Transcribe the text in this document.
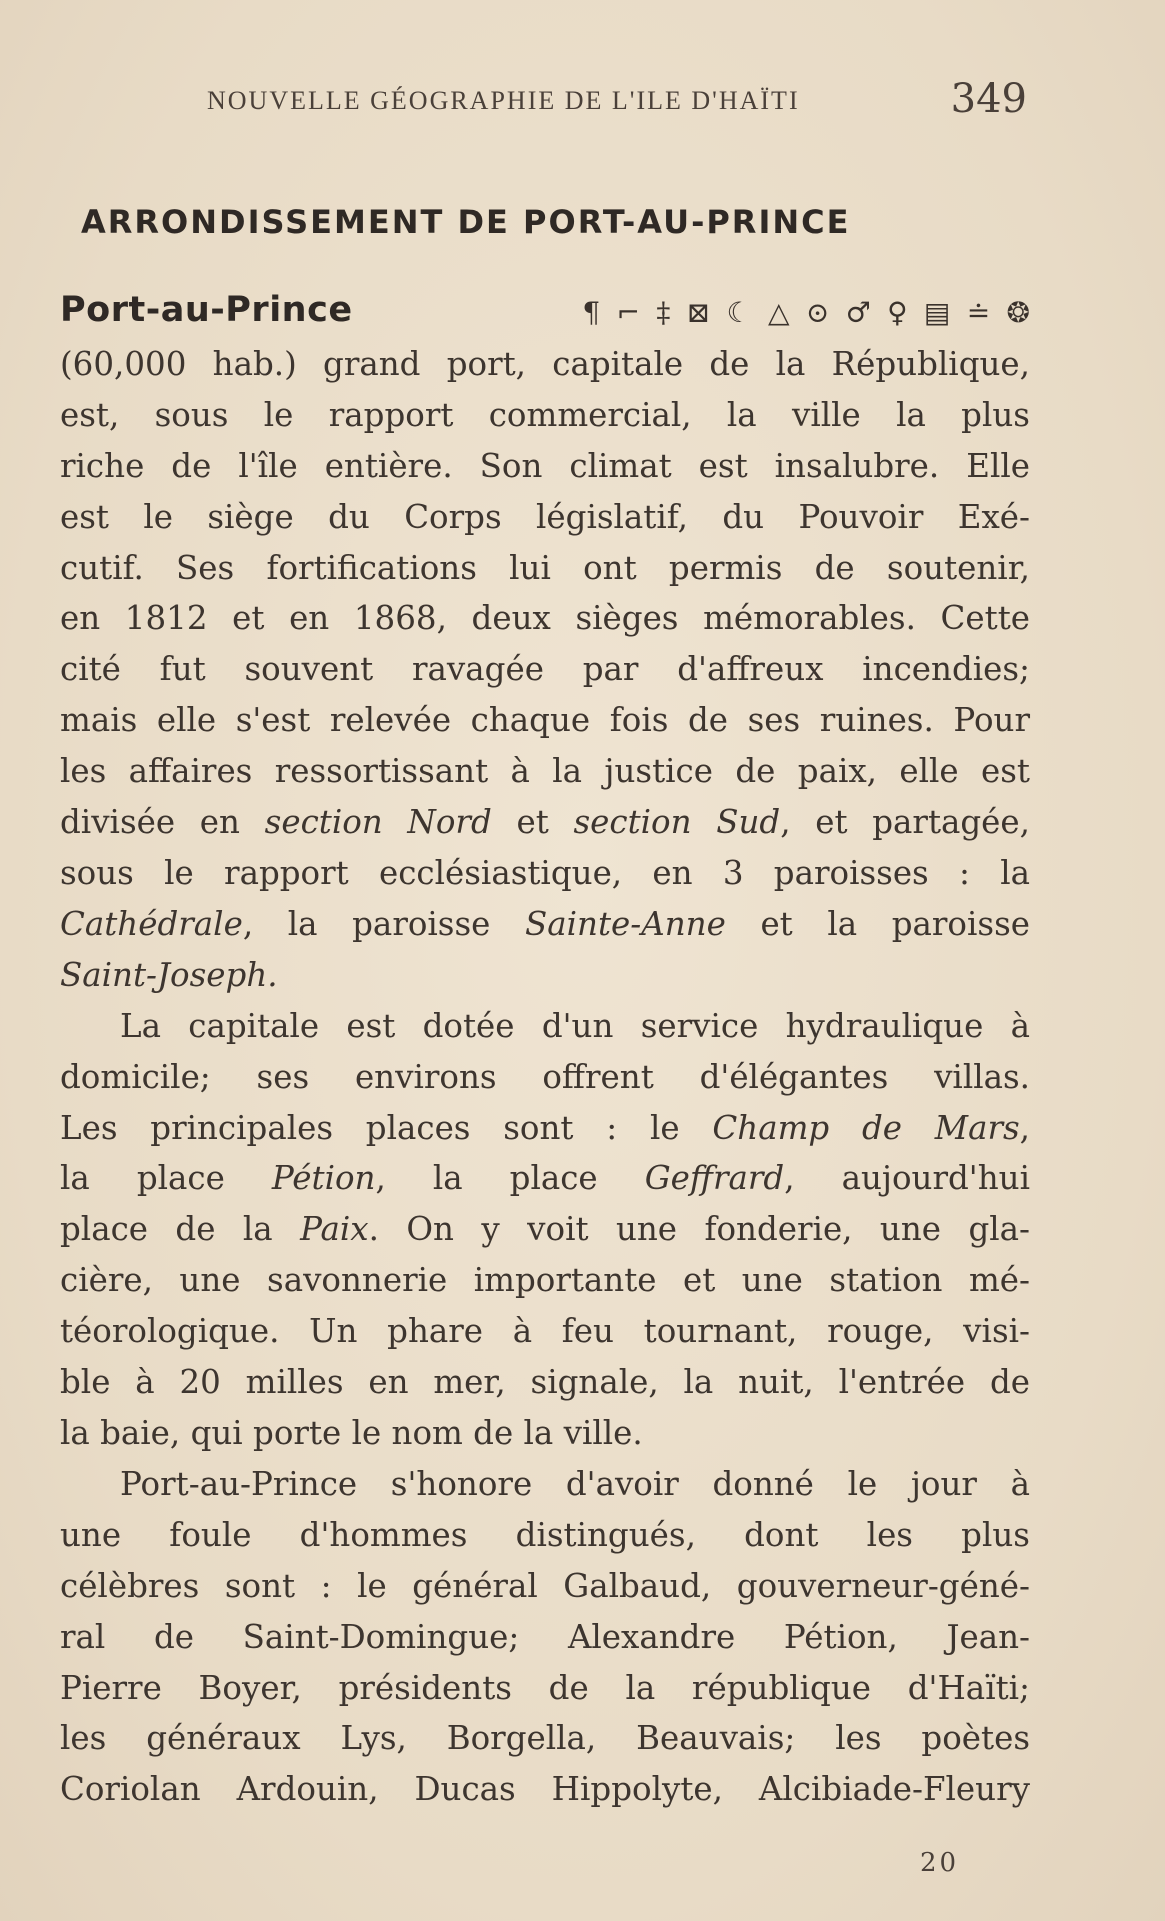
NOUVELLE GÉOGRAPHIE DE L'ILE D'HAÏTI	349
ARRONDISSEMENT DE PORT-AU-PRINCE
Port-au-Prince	¶ ⌐ ‡ ⊠ ☾ △ ⊙ ♂ ♀ ▤ ≐ ❂
(60,000 hab.) grand port, capitale de la République,
est, sous le rapport commercial, la ville la plus
riche de l'île entière. Son climat est insalubre. Elle
est le siège du Corps législatif, du Pouvoir Exé-
cutif. Ses fortifications lui ont permis de soutenir,
en 1812 et en 1868, deux sièges mémorables. Cette
cité fut souvent ravagée par d'affreux incendies;
mais elle s'est relevée chaque fois de ses ruines. Pour
les affaires ressortissant à la justice de paix, elle est
divisée en section Nord et section Sud, et partagée,
sous le rapport ecclésiastique, en 3 paroisses : la
Cathédrale, la paroisse Sainte-Anne et la paroisse
Saint-Joseph.
La capitale est dotée d'un service hydraulique à
domicile; ses environs offrent d'élégantes villas.
Les principales places sont : le Champ de Mars,
la place Pétion, la place Geffrard, aujourd'hui
place de la Paix. On y voit une fonderie, une gla-
cière, une savonnerie importante et une station mé-
téorologique. Un phare à feu tournant, rouge, visi-
ble à 20 milles en mer, signale, la nuit, l'entrée de
la baie, qui porte le nom de la ville.
Port-au-Prince s'honore d'avoir donné le jour à
une foule d'hommes distingués, dont les plus
célèbres sont : le général Galbaud, gouverneur-géné-
ral de Saint-Domingue; Alexandre Pétion, Jean-
Pierre Boyer, présidents de la république d'Haïti;
les généraux Lys, Borgella, Beauvais; les poètes
Coriolan Ardouin, Ducas Hippolyte, Alcibiade-Fleury
20
